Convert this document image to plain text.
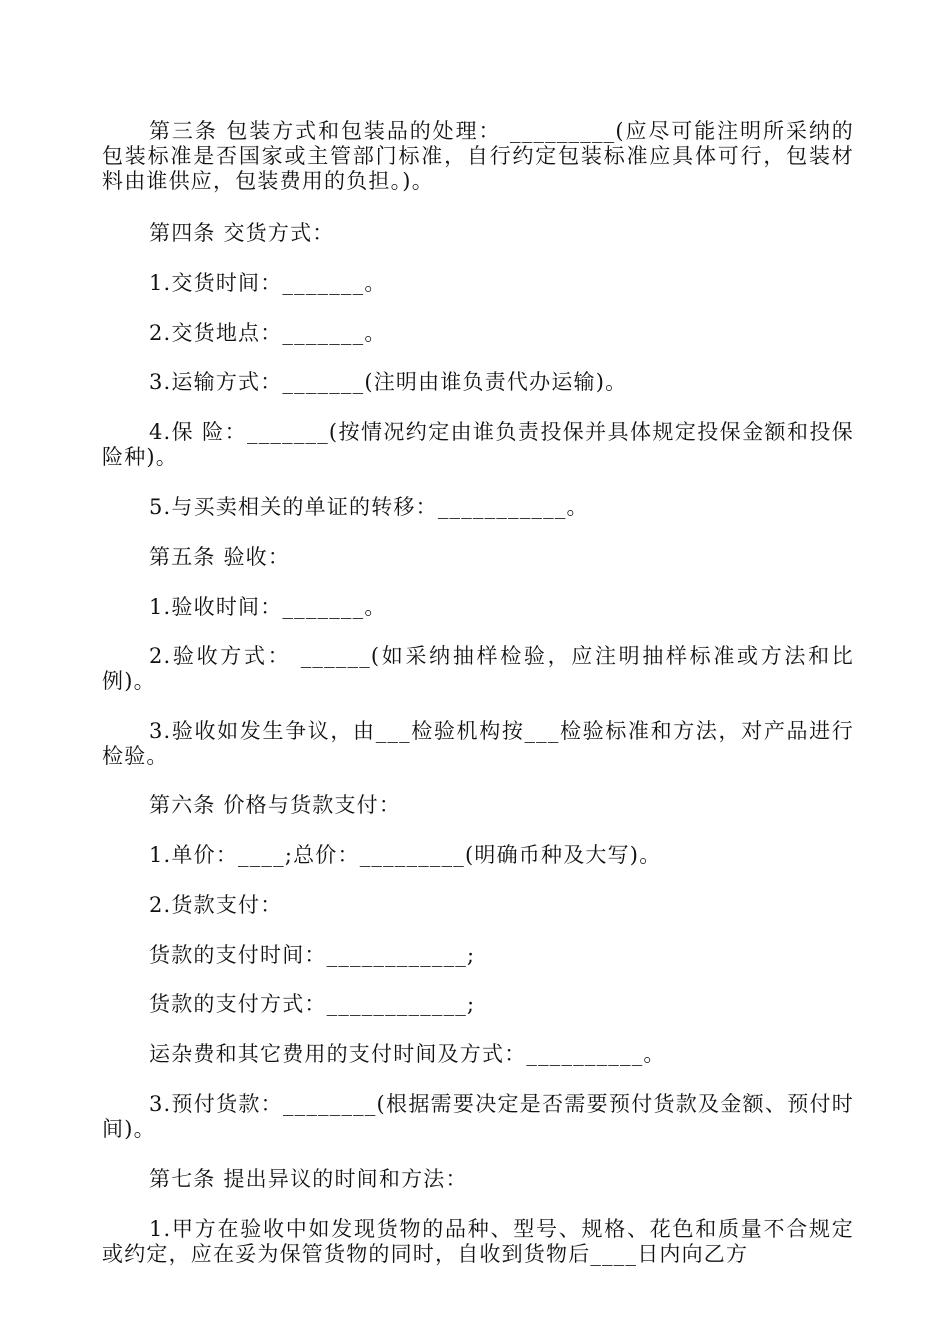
第三条 包装方式和包装品的处理： _________(应尽可能注明所采纳的包装标准是否国家或主管部门标准，自行约定包装标准应具体可行，包装材料由谁供应，包装费用的负担。)。

第四条 交货方式：

1.交货时间：_______。

2.交货地点：_______。

3.运输方式：_______(注明由谁负责代办运输)。

4.保 险：_______(按情况约定由谁负责投保并具体规定投保金额和投保险种)。

5.与买卖相关的单证的转移：___________。

第五条 验收：

1.验收时间：_______。

2.验收方式： ______(如采纳抽样检验，应注明抽样标准或方法和比例)。

3.验收如发生争议，由___检验机构按___检验标准和方法，对产品进行检验。

第六条 价格与货款支付：

1.单价：____;总价：_________(明确币种及大写)。

2.货款支付：

货款的支付时间：____________;

货款的支付方式：____________;

运杂费和其它费用的支付时间及方式：__________。

3.预付货款：________(根据需要决定是否需要预付货款及金额、预付时间)。

第七条 提出异议的时间和方法：

1.甲方在验收中如发现货物的品种、型号、规格、花色和质量不合规定或约定，应在妥为保管货物的同时，自收到货物后____日内向乙方
